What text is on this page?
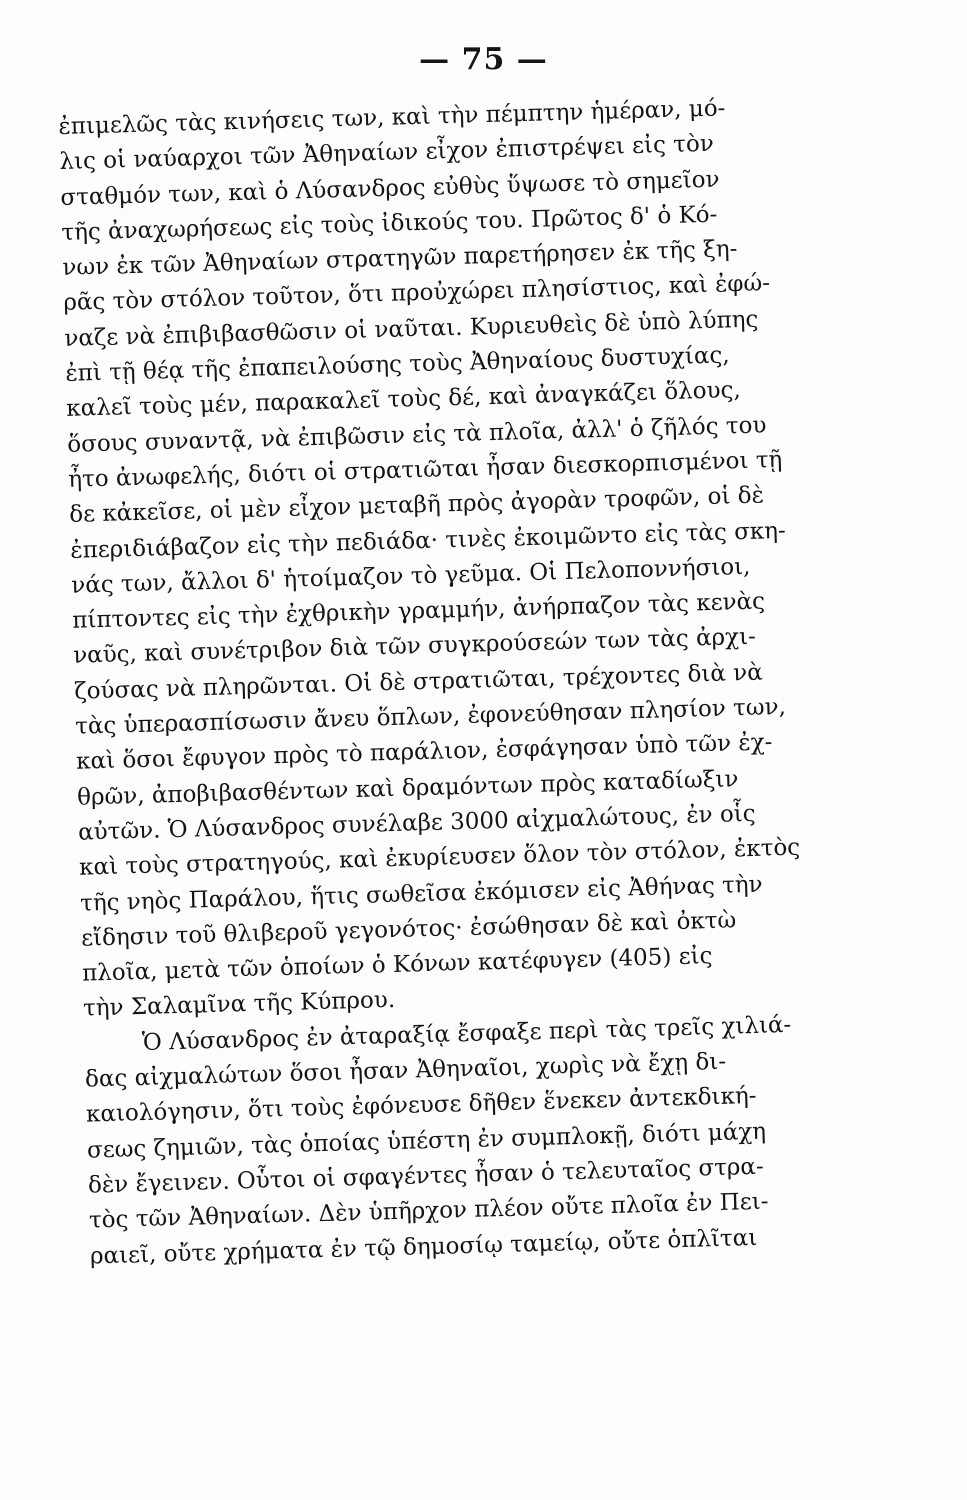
— 75 —
ἐπιμελῶς τὰς κινήσεις των, καὶ τὴν πέμπτην ἡμέραν, μό-
λις οἱ ναύαρχοι τῶν Ἀθηναίων εἶχον ἐπιστρέψει εἰς τὸν
σταθμόν των, καὶ ὁ Λύσανδρος εὐθὺς ὕψωσε τὸ σημεῖον
τῆς ἀναχωρήσεως εἰς τοὺς ἰδικούς του. Πρῶτος δ' ὁ Κό-
νων ἐκ τῶν Ἀθηναίων στρατηγῶν παρετήρησεν ἐκ τῆς ξη-
ρᾶς τὸν στόλον τοῦτον, ὅτι προὐχώρει πλησίστιος, καὶ ἐφώ-
ναζε νὰ ἐπιβιβασθῶσιν οἱ ναῦται. Κυριευθεὶς δὲ ὑπὸ λύπης
ἐπὶ τῇ θέᾳ τῆς ἐπαπειλούσης τοὺς Ἀθηναίους δυστυχίας,
καλεῖ τοὺς μέν, παρακαλεῖ τοὺς δέ, καὶ ἀναγκάζει ὅλους,
ὅσους συναντᾷ, νὰ ἐπιβῶσιν εἰς τὰ πλοῖα, ἀλλ' ὁ ζῆλός του
ἦτο ἀνωφελής, διότι οἱ στρατιῶται ἦσαν διεσκορπισμένοι τῇ
δε κἀκεῖσε, οἱ μὲν εἶχον μεταβῆ πρὸς ἀγορὰν τροφῶν, οἱ δὲ
ἐπεριδιάβαζον εἰς τὴν πεδιάδα· τινὲς ἐκοιμῶντο εἰς τὰς σκη-
νάς των, ἄλλοι δ' ἡτοίμαζον τὸ γεῦμα. Οἱ Πελοποννήσιοι,
πίπτοντες εἰς τὴν ἐχθρικὴν γραμμήν, ἀνήρπαζον τὰς κενὰς
ναῦς, καὶ συνέτριβον διὰ τῶν συγκρούσεών των τὰς ἀρχι-
ζούσας νὰ πληρῶνται. Οἱ δὲ στρατιῶται, τρέχοντες διὰ νὰ
τὰς ὑπερασπίσωσιν ἄνευ ὅπλων, ἐφονεύθησαν πλησίον των,
καὶ ὅσοι ἔφυγον πρὸς τὸ παράλιον, ἐσφάγησαν ὑπὸ τῶν ἐχ-
θρῶν, ἀποβιβασθέντων καὶ δραμόντων πρὸς καταδίωξιν
αὐτῶν. Ὁ Λύσανδρος συνέλαβε 3000 αἰχμαλώτους, ἐν οἷς
καὶ τοὺς στρατηγούς, καὶ ἐκυρίευσεν ὅλον τὸν στόλον, ἐκτὸς
τῆς νηὸς Παράλου, ἥτις σωθεῖσα ἐκόμισεν εἰς Ἀθήνας τὴν
εἴδησιν τοῦ θλιβεροῦ γεγονότος· ἐσώθησαν δὲ καὶ ὀκτὼ
πλοῖα, μετὰ τῶν ὁποίων ὁ Κόνων κατέφυγεν (405) εἰς
τὴν Σαλαμῖνα τῆς Κύπρου.
Ὁ Λύσανδρος ἐν ἀταραξίᾳ ἔσφαξε περὶ τὰς τρεῖς χιλιά-
δας αἰχμαλώτων ὅσοι ἦσαν Ἀθηναῖοι, χωρὶς νὰ ἔχῃ δι-
καιολόγησιν, ὅτι τοὺς ἐφόνευσε δῆθεν ἕνεκεν ἀντεκδική-
σεως ζημιῶν, τὰς ὁποίας ὑπέστη ἐν συμπλοκῇ, διότι μάχη
δὲν ἔγεινεν. Οὗτοι οἱ σφαγέντες ἦσαν ὁ τελευταῖος στρα-
τὸς τῶν Ἀθηναίων. Δὲν ὑπῆρχον πλέον οὔτε πλοῖα ἐν Πει-
ραιεῖ, οὔτε χρήματα ἐν τῷ δημοσίῳ ταμείῳ, οὔτε ὁπλῖται
